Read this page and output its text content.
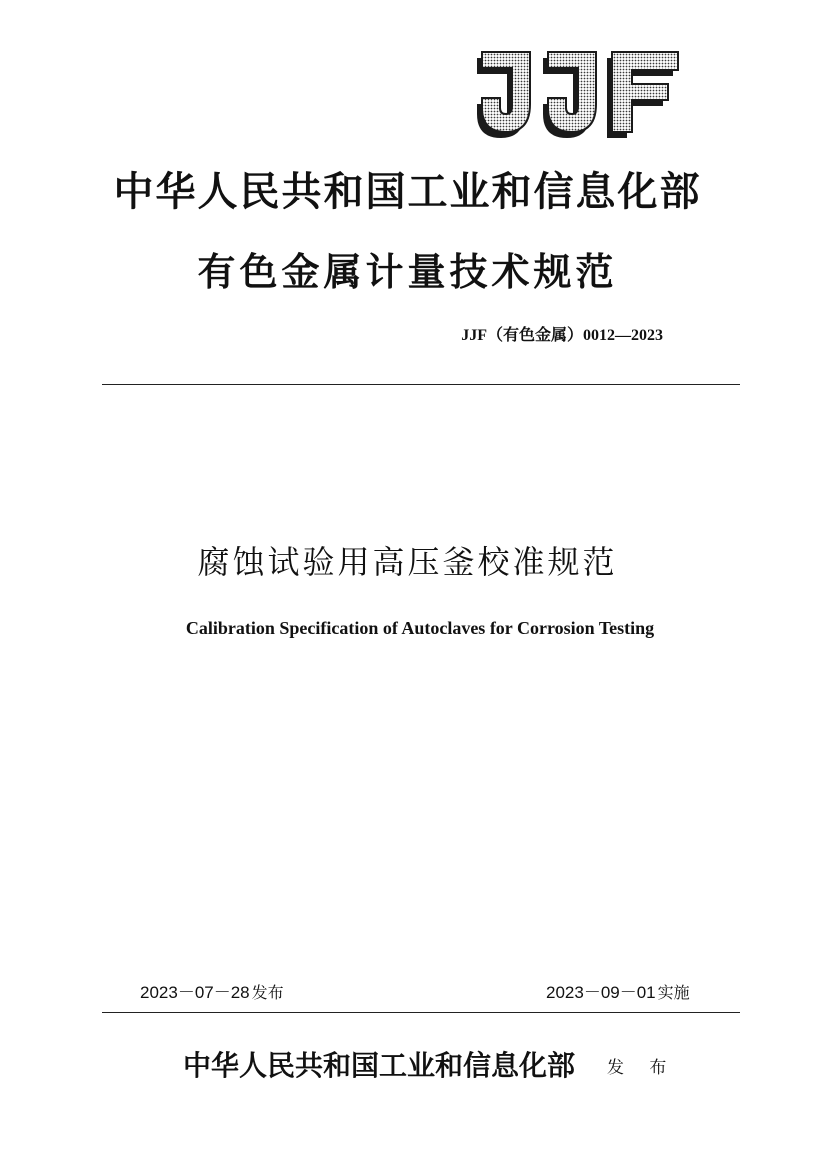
中华人民共和国工业和信息化部
有色金属计量技术规范
JJF（有色金属）0012—2023
腐蚀试验用高压釜校准规范
Calibration Specification of Autoclaves for Corrosion Testing
2023－07－28 发布	2023－09－01 实施
中华人民共和国工业和信息化部 发 布
